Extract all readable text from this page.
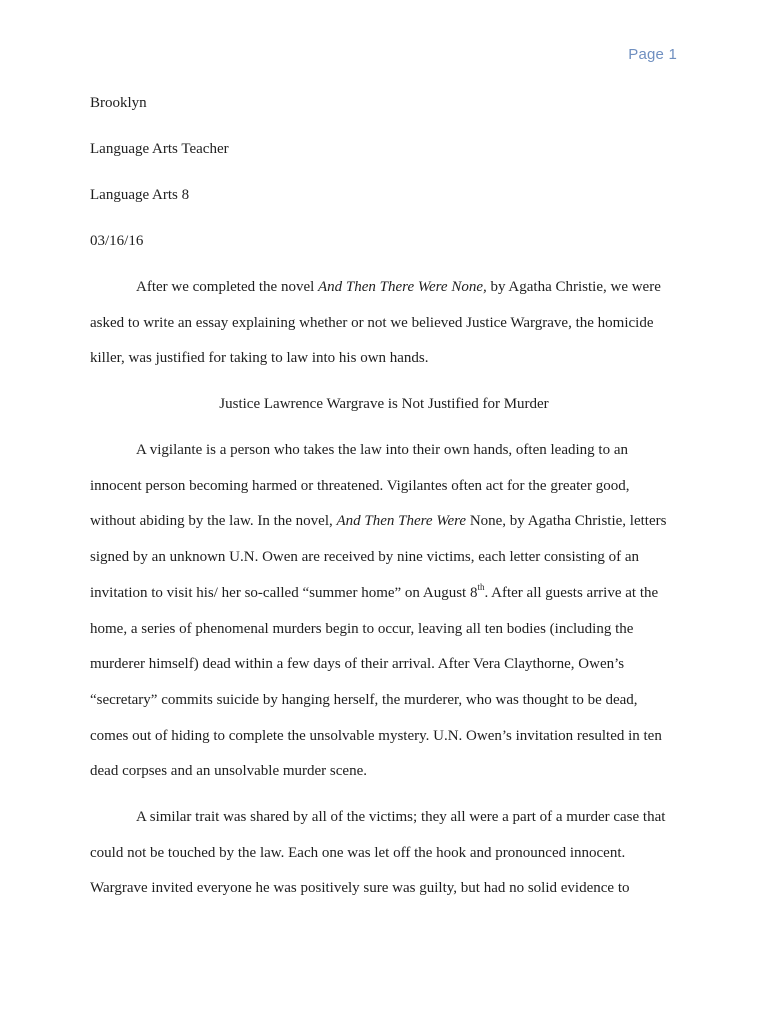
Page 1
Brooklyn
Language Arts Teacher
Language Arts 8
03/16/16
After we completed the novel And Then There Were None, by Agatha Christie, we were
asked to write an essay explaining whether or not we believed Justice Wargrave, the homicide
killer, was justified for taking to law into his own hands.
Justice Lawrence Wargrave is Not Justified for Murder
A vigilante is a person who takes the law into their own hands, often leading to an
innocent person becoming harmed or threatened. Vigilantes often act for the greater good,
without abiding by the law. In the novel, And Then There Were None, by Agatha Christie, letters
signed by an unknown U.N. Owen are received by nine victims, each letter consisting of an
invitation to visit his/ her so-called “summer home” on August 8th. After all guests arrive at the
home, a series of phenomenal murders begin to occur, leaving all ten bodies (including the
murderer himself) dead within a few days of their arrival. After Vera Claythorne, Owen’s
“secretary” commits suicide by hanging herself, the murderer, who was thought to be dead,
comes out of hiding to complete the unsolvable mystery. U.N. Owen’s invitation resulted in ten
dead corpses and an unsolvable murder scene.
A similar trait was shared by all of the victims; they all were a part of a murder case that
could not be touched by the law. Each one was let off the hook and pronounced innocent.
Wargrave invited everyone he was positively sure was guilty, but had no solid evidence to
